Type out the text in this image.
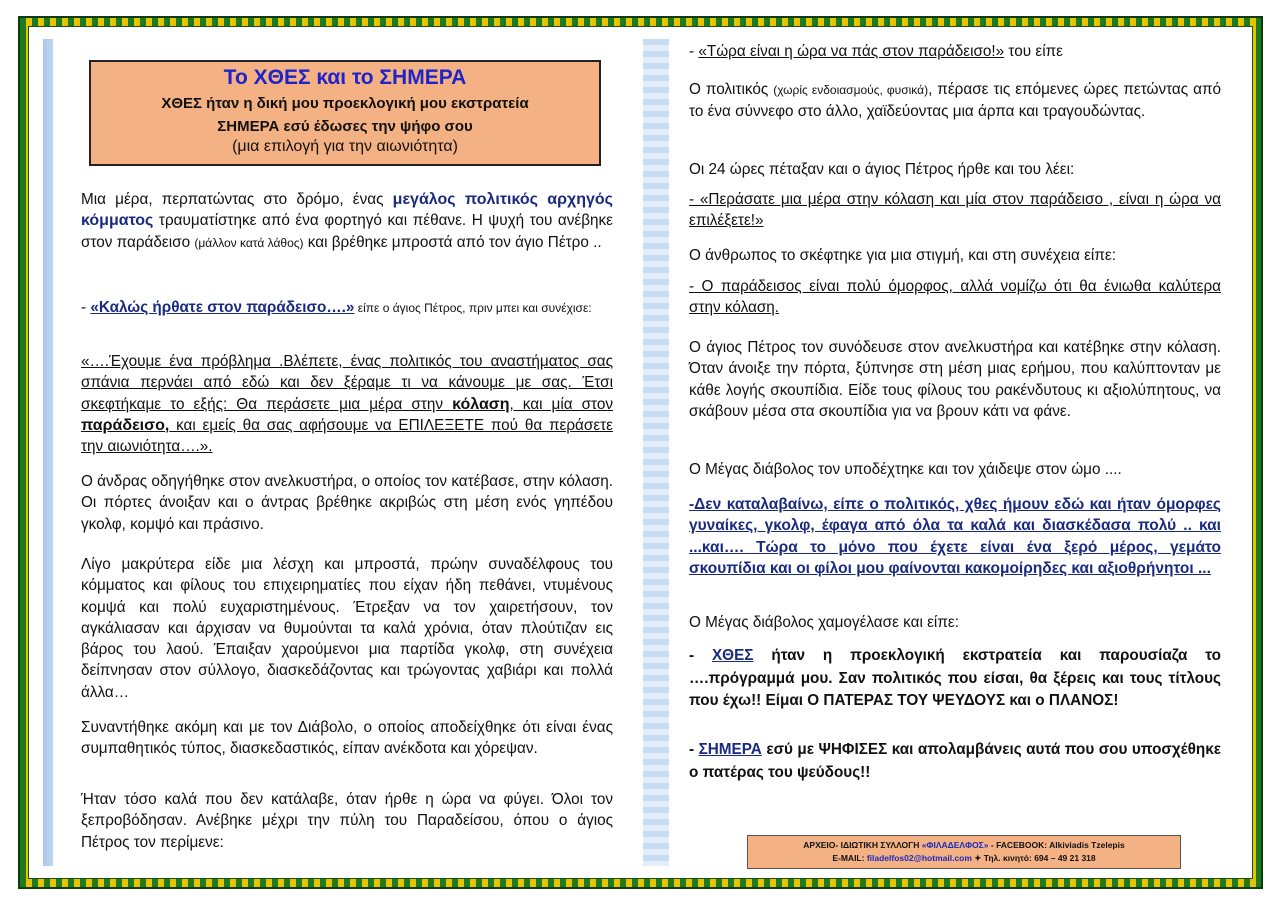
Το ΧΘΕΣ και το ΣΗΜΕΡΑ
ΧΘΕΣ ήταν η δική μου προεκλογική μου εκστρατεία
ΣΗΜΕΡΑ εσύ έδωσες την ψήφο σου
(μια επιλογή για την αιωνιότητα)

Μια μέρα, περπατώντας στο δρόμο, ένας μεγάλος πολιτικός αρχηγός κόμματος τραυματίστηκε από ένα φορτηγό και πέθανε. Η ψυχή του ανέβηκε στον παράδεισο (μάλλον κατά λάθος) και βρέθηκε μπροστά από τον άγιο Πέτρο ..

- «Καλώς ήρθατε στον παράδεισο….» είπε ο άγιος Πέτρος, πριν μπει και συνέχισε:

«….Έχουμε ένα πρόβλημα .Βλέπετε, ένας πολιτικός του αναστήματος σας σπάνια περνάει από εδώ και δεν ξέραμε τι να κάνουμε με σας. Έτσι σκεφτήκαμε το εξής: Θα περάσετε μια μέρα στην κόλαση, και μία στον παράδεισο, και εμείς θα σας αφήσουμε να ΕΠΙΛΕΞΕΤΕ πού θα περάσετε την αιωνιότητα….».

Ο άνδρας οδηγήθηκε στον ανελκυστήρα, ο οποίος τον κατέβασε, στην κόλαση. Οι πόρτες άνοιξαν και ο άντρας βρέθηκε ακριβώς στη μέση ενός γηπέδου γκολφ, κομψό και πράσινο.

Λίγο μακρύτερα είδε μια λέσχη και μπροστά, πρώην συναδέλφους του κόμματος και φίλους του επιχειρηματίες που είχαν ήδη πεθάνει, ντυμένους κομψά και πολύ ευχαριστημένους. Έτρεξαν να τον χαιρετήσουν, τον αγκάλιασαν και άρχισαν να θυμούνται τα καλά χρόνια, όταν πλούτιζαν εις βάρος του λαού. Έπαιξαν χαρούμενοι μια παρτίδα γκολφ, στη συνέχεια δείπνησαν στον σύλλογο, διασκεδάζοντας και τρώγοντας χαβιάρι και πολλά άλλα…

Συναντήθηκε ακόμη και με τον Διάβολο, ο οποίος αποδείχθηκε ότι είναι ένας συμπαθητικός τύπος, διασκεδαστικός, είπαν ανέκδοτα και χόρεψαν.

Ήταν τόσο καλά που δεν κατάλαβε, όταν ήρθε η ώρα να φύγει. Όλοι τον ξεπροβόδησαν. Ανέβηκε μέχρι την πύλη του Παραδείσου, όπου ο άγιος Πέτρος τον περίμενε:

- «Τώρα είναι η ώρα να πάς στον παράδεισο!» του είπε

Ο πολιτικός (χωρίς ενδοιασμούς, φυσικά), πέρασε τις επόμενες ώρες πετώντας από το ένα σύννεφο στο άλλο, χαϊδεύοντας μια άρπα και τραγουδώντας.

Οι 24 ώρες πέταξαν και ο άγιος Πέτρος ήρθε και του λέει:

- «Περάσατε μια μέρα στην κόλαση και μία στον παράδεισο , είναι η ώρα να επιλέξετε!»

Ο άνθρωπος το σκέφτηκε για μια στιγμή, και στη συνέχεια είπε:

- Ο παράδεισος είναι πολύ όμορφος, αλλά νομίζω ότι θα ένιωθα καλύτερα στην κόλαση.

Ο άγιος Πέτρος τον συνόδευσε στον ανελκυστήρα και κατέβηκε στην κόλαση. Όταν άνοιξε την πόρτα, ξύπνησε στη μέση μιας ερήμου, που καλύπτονταν με κάθε λογής σκουπίδια. Είδε τους φίλους του ρακένδυτους κι αξιολύπητους, να σκάβουν μέσα στα σκουπίδια για να βρουν κάτι να φάνε.

Ο Μέγας διάβολος τον υποδέχτηκε και τον χάιδεψε στον ώμο ....

-Δεν καταλαβαίνω, είπε ο πολιτικός, χθες ήμουν εδώ και ήταν όμορφες γυναίκες, γκολφ, έφαγα από όλα τα καλά και διασκέδασα πολύ .. και ...και…. Τώρα το μόνο που έχετε είναι ένα ξερό μέρος, γεμάτο σκουπίδια και οι φίλοι μου φαίνονται κακομοίρηδες και αξιοθρήνητοι ...

Ο Μέγας διάβολος χαμογέλασε και είπε:

- ΧΘΕΣ ήταν η προεκλογική εκστρατεία και παρουσίαζα το ….πρόγραμμά μου. Σαν πολιτικός που είσαι, θα ξέρεις και τους τίτλους που έχω!! Είμαι Ο ΠΑΤΕΡΑΣ ΤΟΥ ΨΕΥΔΟΥΣ και ο ΠΛΑΝΟΣ!

- ΣΗΜΕΡΑ εσύ με ΨΗΦΙΣΕΣ και απολαμβάνεις αυτά που σου υποσχέθηκε ο πατέρας του ψεύδους!!

ΑΡΧΕΙΟ- ΙΔΙΩΤΙΚΗ ΣΥΛΛΟΓΗ «ΦΙΛΑΔΕΛΦΟΣ» - FACEBOOK: Alkiviadis Tzelepis
E-MAIL: filadelfos02@hotmail.com ✦ Τηλ. κινητό: 694 – 49 21 318
